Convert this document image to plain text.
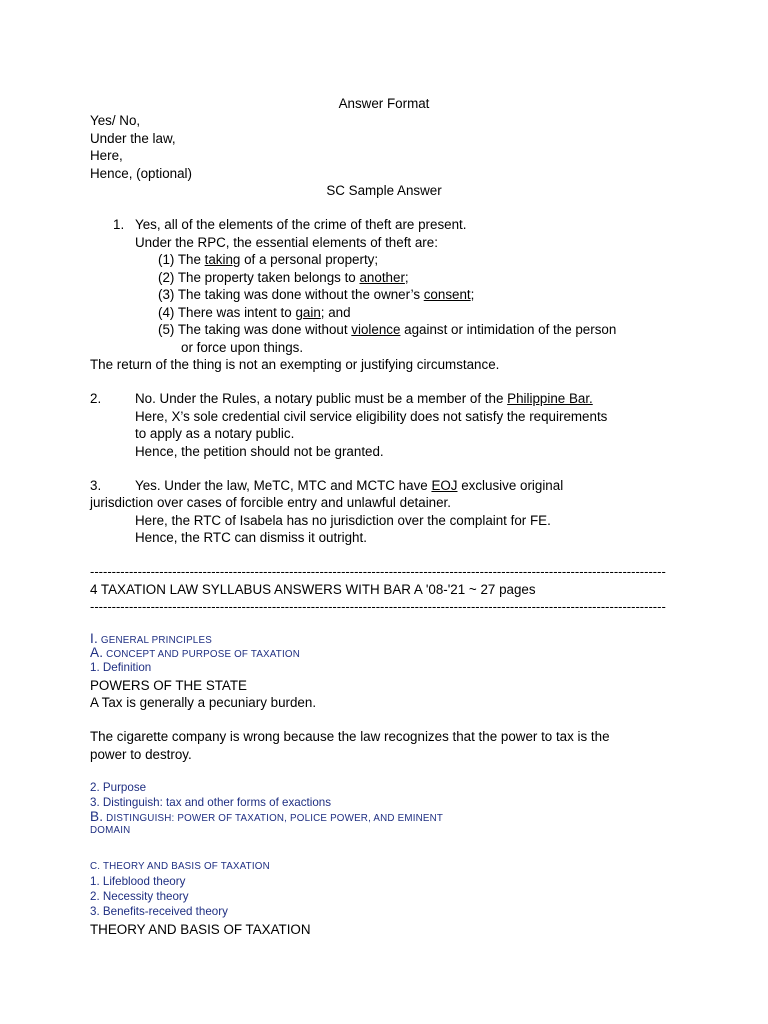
Answer Format
Yes/ No,
Under the law,
Here,
Hence, (optional)
SC Sample Answer
1. Yes, all of the elements of the crime of theft are present.
Under the RPC, the essential elements of theft are:
(1) The taking of a personal property;
(2) The property taken belongs to another;
(3) The taking was done without the owner’s consent;
(4) There was intent to gain; and
(5) The taking was done without violence against or intimidation of the person
or force upon things.
The return of the thing is not an exempting or justifying circumstance.
2.	No. Under the Rules, a notary public must be a member of the Philippine Bar.
Here, X’s sole credential civil service eligibility does not satisfy the requirements
to apply as a notary public.
Hence, the petition should not be granted.
3.	Yes. Under the law, MeTC, MTC and MCTC have EOJ exclusive original
jurisdiction over cases of forcible entry and unlawful detainer.
Here, the RTC of Isabela has no jurisdiction over the complaint for FE.
Hence, the RTC can dismiss it outright.
-------------------------------------------------------------------------------------------------------------------------------------
4 TAXATION LAW SYLLABUS ANSWERS WITH BAR A '08-'21 ~ 27 pages
-------------------------------------------------------------------------------------------------------------------------------------
I. GENERAL PRINCIPLES
A. CONCEPT AND PURPOSE OF TAXATION
1. Definition
POWERS OF THE STATE
A Tax is generally a pecuniary burden.
The cigarette company is wrong because the law recognizes that the power to tax is the
power to destroy.
2. Purpose
3. Distinguish: tax and other forms of exactions
B. DISTINGUISH: POWER OF TAXATION, POLICE POWER, AND EMINENT
DOMAIN
C. THEORY AND BASIS OF TAXATION
1. Lifeblood theory
2. Necessity theory
3. Benefits-received theory
THEORY AND BASIS OF TAXATION
